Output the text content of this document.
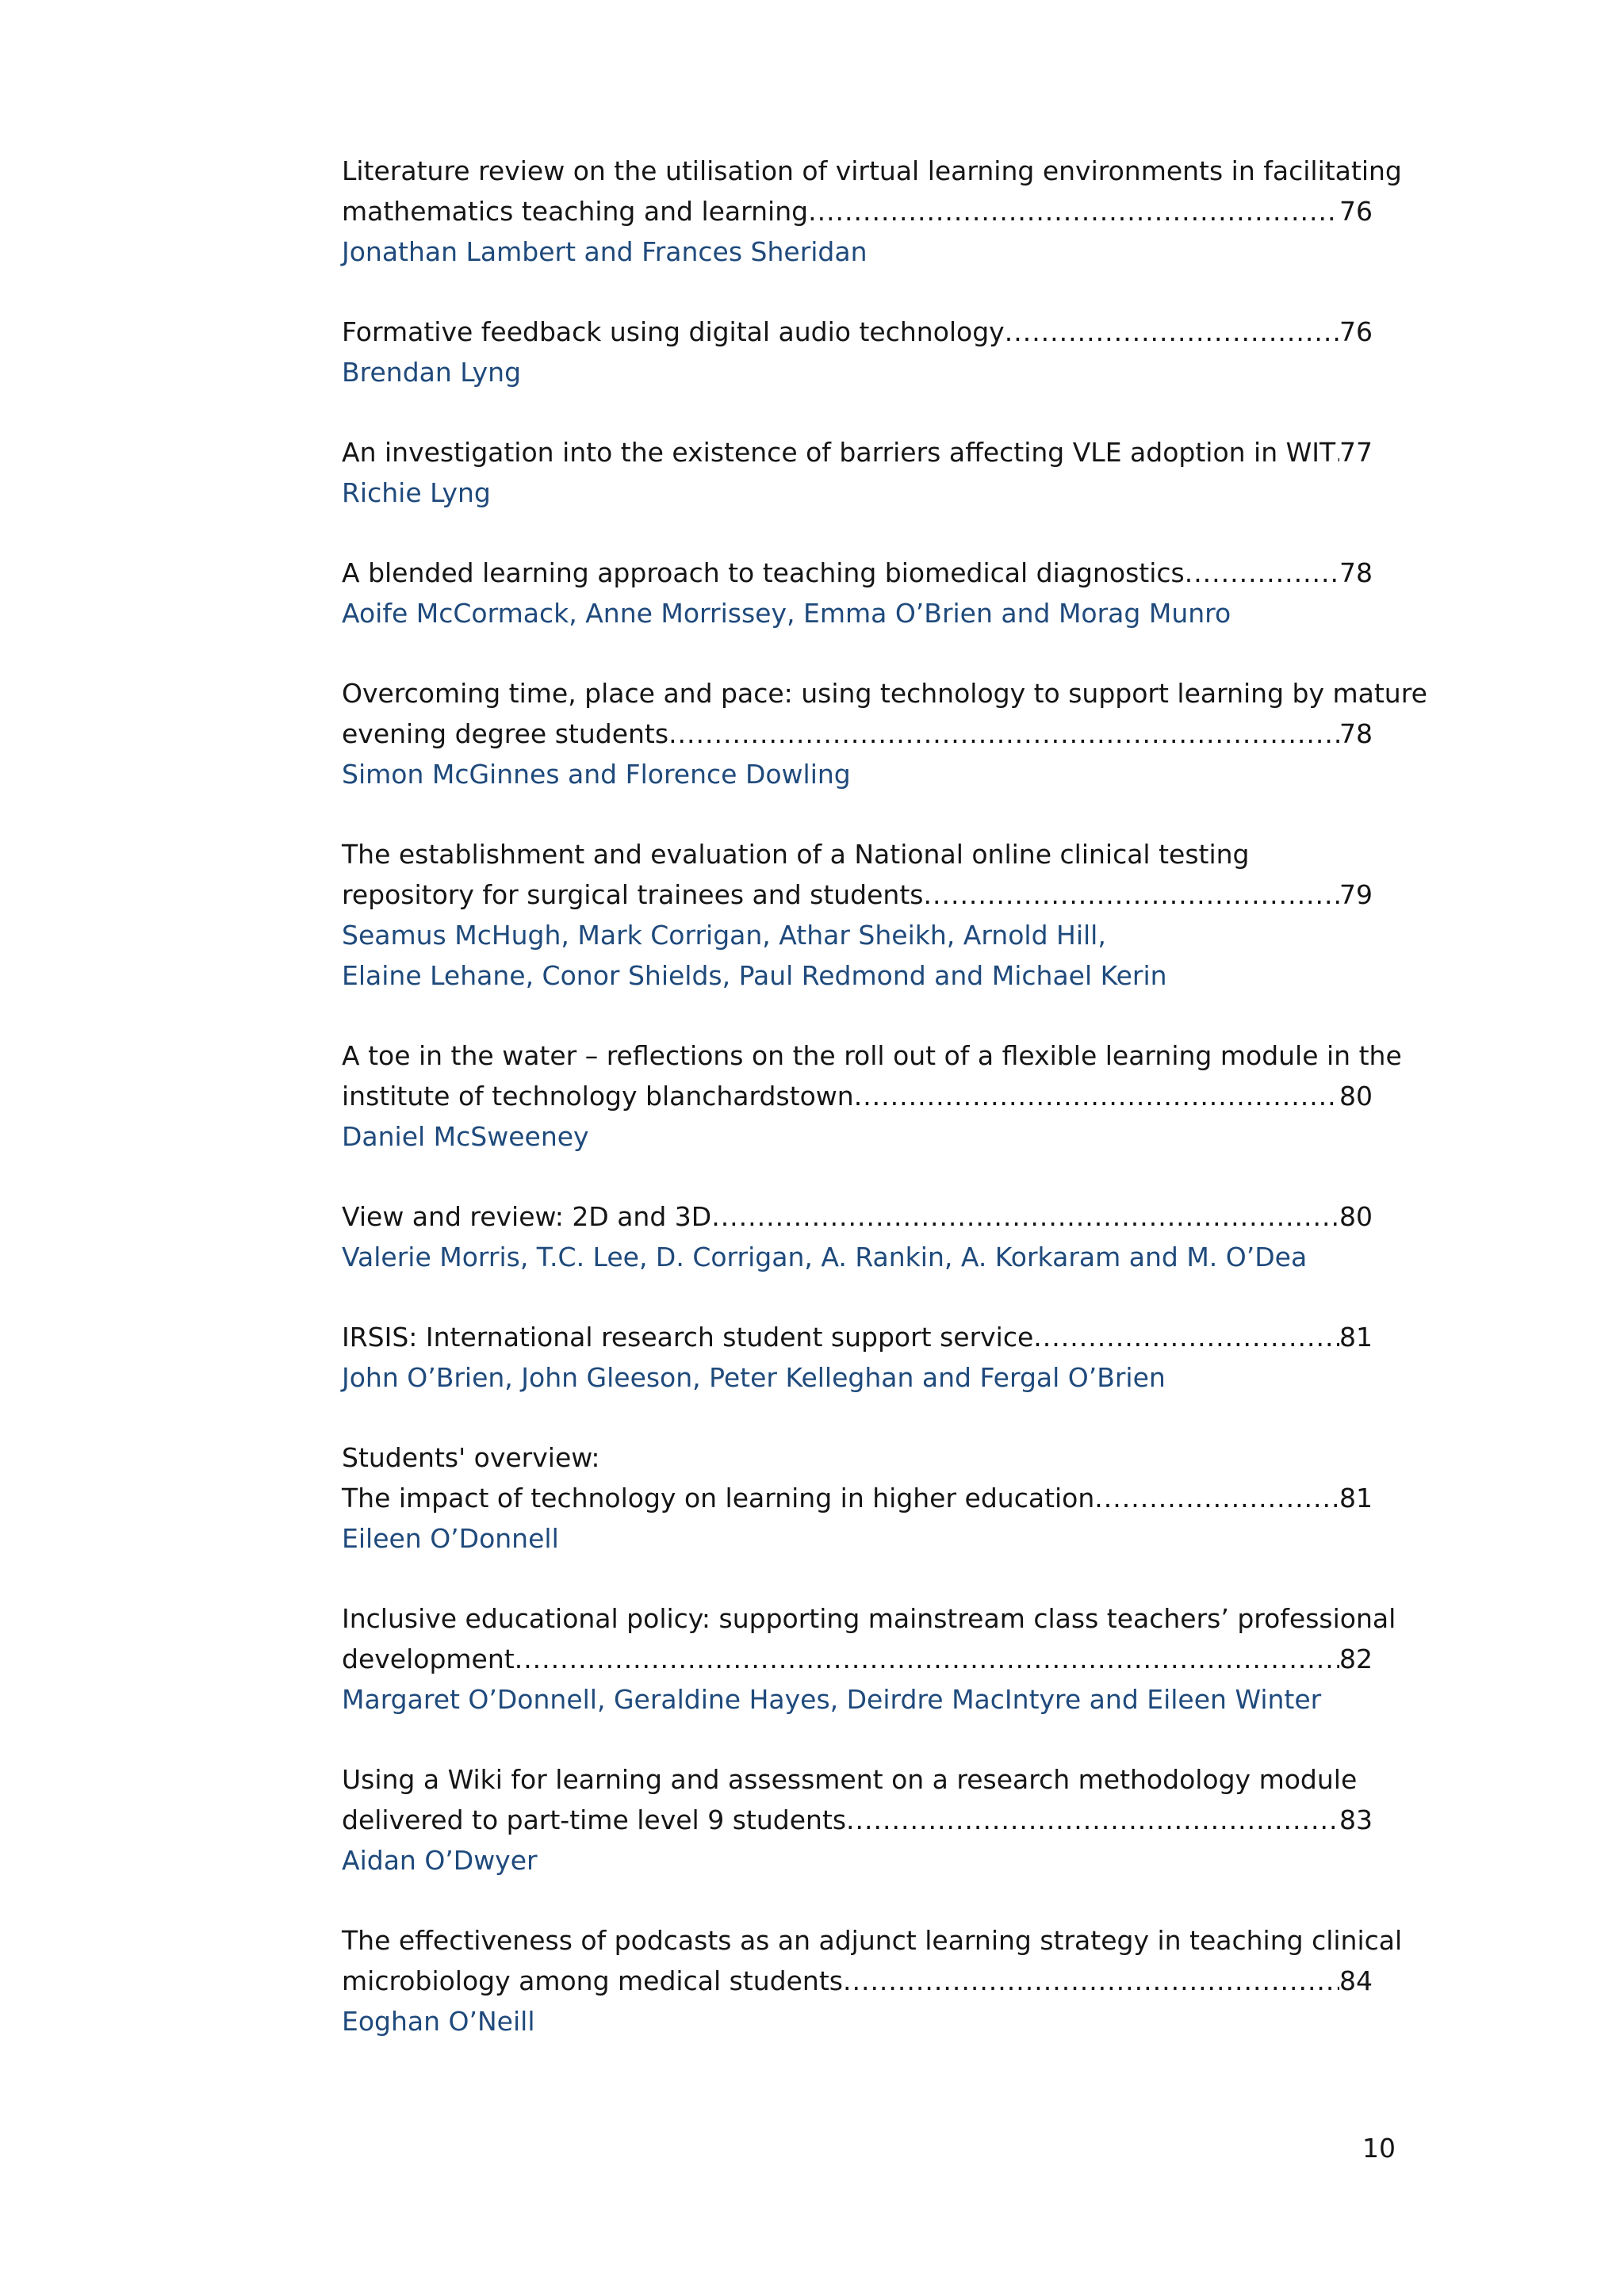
Literature review on the utilisation of virtual learning environments in facilitating
mathematics teaching and learning .....	76
Jonathan Lambert and Frances Sheridan
Formative feedback using digital audio technology .....	76
Brendan Lyng
An investigation into the existence of barriers affecting VLE adoption in WIT ..... 77
Richie Lyng
A blended learning approach to teaching biomedical diagnostics .....	78
Aoife McCormack, Anne Morrissey, Emma O’Brien and Morag Munro
Overcoming time, place and pace: using technology to support learning by mature
evening degree students .....	78
Simon McGinnes and Florence Dowling
The establishment and evaluation of a National online clinical testing
repository for surgical trainees and students .....	79
Seamus McHugh, Mark Corrigan, Athar Sheikh, Arnold Hill,
Elaine Lehane, Conor Shields, Paul Redmond and Michael Kerin
A toe in the water – reflections on the roll out of a flexible learning module in the
institute of technology blanchardstown .....	80
Daniel McSweeney
View and review: 2D and 3D .....	80
Valerie Morris, T.C. Lee, D. Corrigan, A. Rankin, A. Korkaram and M. O’Dea
IRSIS: International research student support service .....	81
John O’Brien, John Gleeson, Peter Kelleghan and Fergal O’Brien
Students' overview:
The impact of technology on learning in higher education .....	81
Eileen O’Donnell
Inclusive educational policy: supporting mainstream class teachers’ professional
development .....	82
Margaret O’Donnell, Geraldine Hayes, Deirdre MacIntyre and Eileen Winter
Using a Wiki for learning and assessment on a research methodology module
delivered to part-time level 9 students .....	83
Aidan O’Dwyer
The effectiveness of podcasts as an adjunct learning strategy in teaching clinical
microbiology among medical students .....	84
Eoghan O’Neill
10
